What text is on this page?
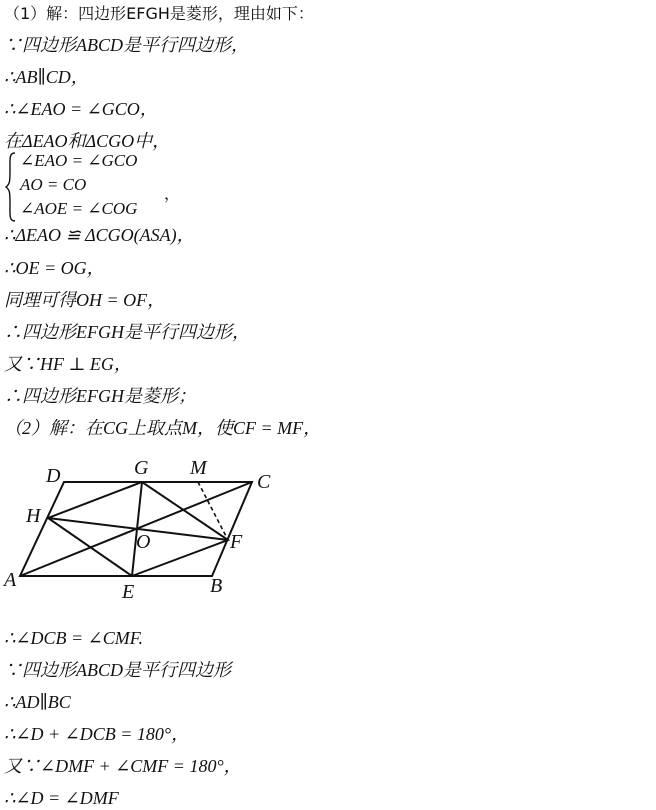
（1）解：四边形EFGH是菱形，理由如下：
∵四边形ABCD是平行四边形，
∴AB∥CD，
∴∠EAO = ∠GCO，
在ΔEAO和ΔCGO中，
∠EAO = ∠GCO
AO = CO
∠AOE = ∠COG
，
∴ΔEAO ≌ ΔCGO(ASA)，
∴OE = OG，
同理可得OH = OF，
∴四边形EFGH是平行四边形，
又∵HF ⊥ EG，
∴四边形EFGH是菱形；
（2）解：在CG上取点M，使CF = MF，
D	G M
C
H
O	F
A
E	B
∴∠DCB = ∠CMF.
∵四边形ABCD是平行四边形
∴AD∥BC
∴∠D + ∠DCB = 180°，
又∵∠DMF + ∠CMF = 180°，
∴∠D = ∠DMF
